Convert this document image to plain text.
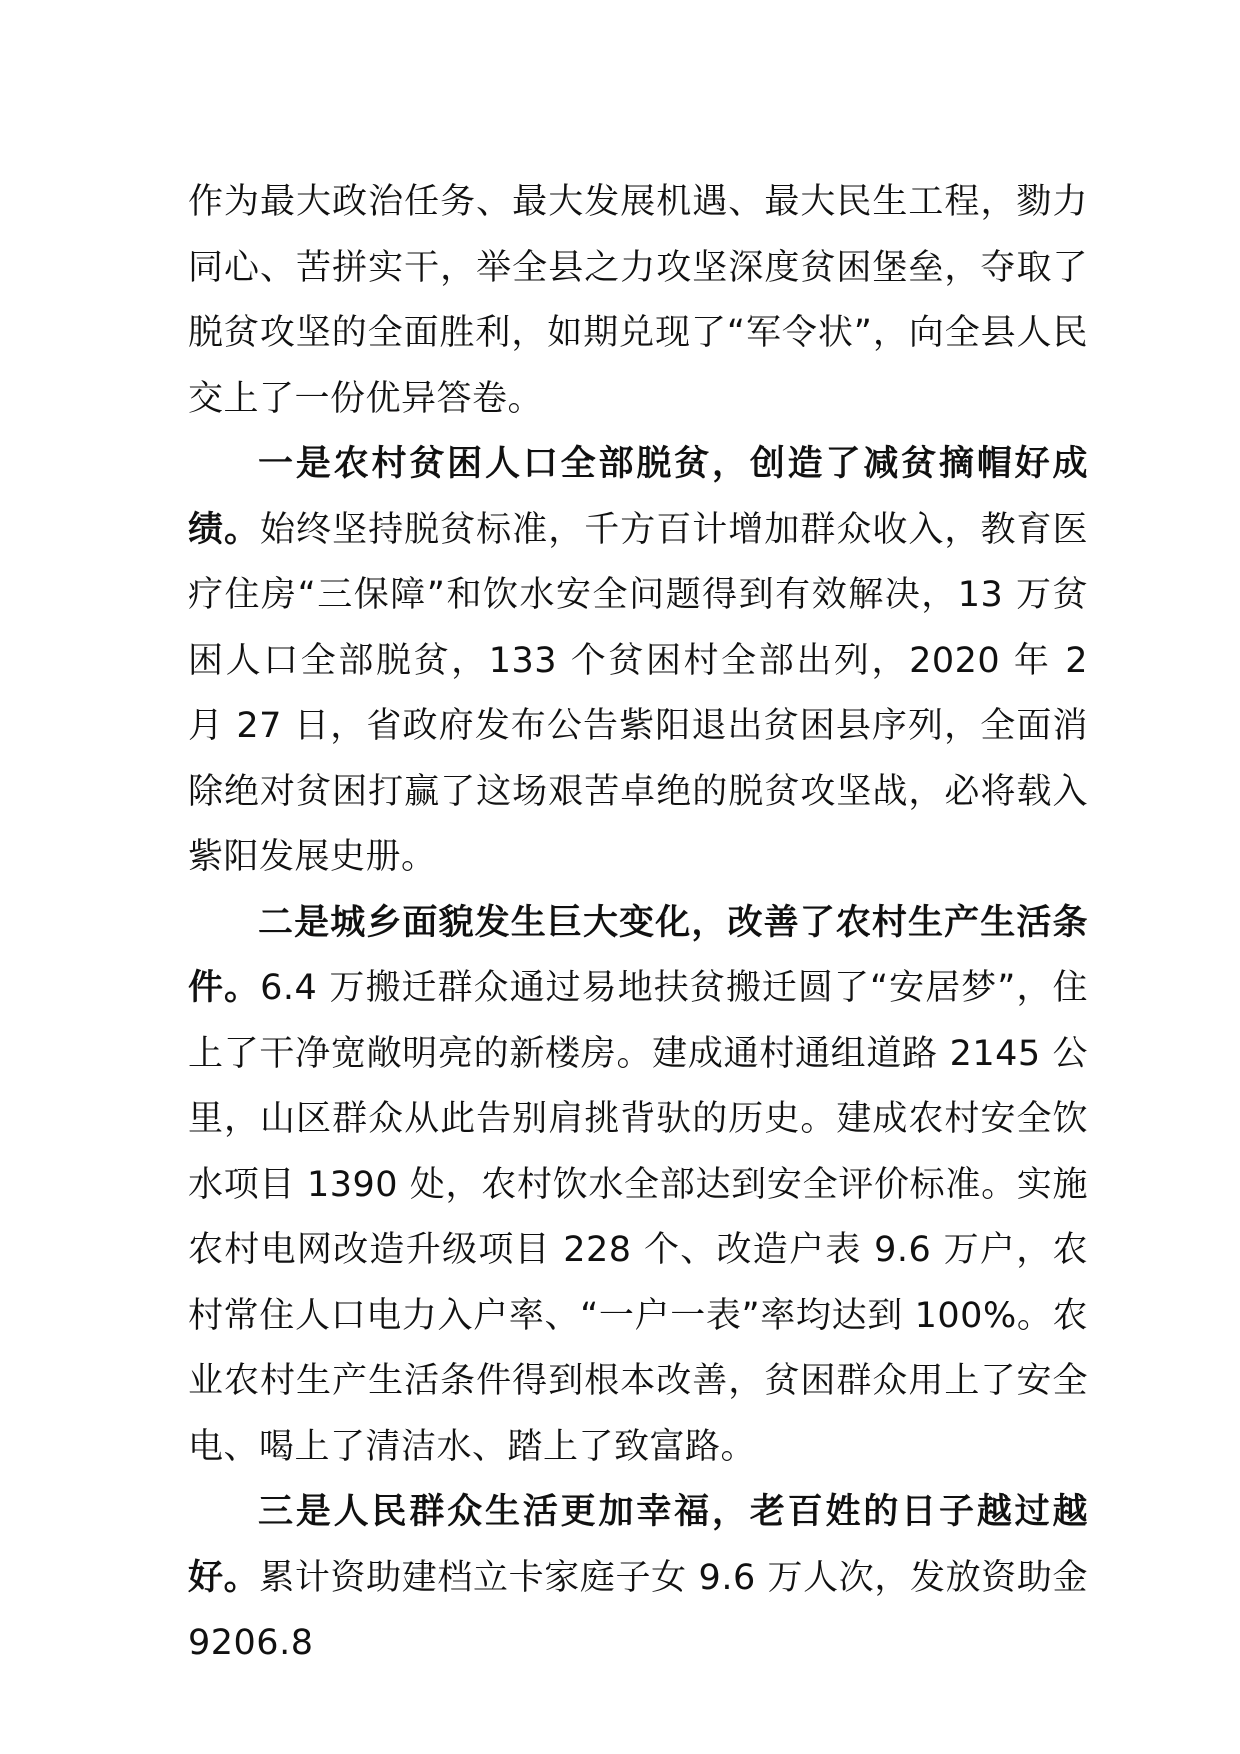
作为最大政治任务、最大发展机遇、最大民生工程，勠力同心、苦拼实干，举全县之力攻坚深度贫困堡垒，夺取了脱贫攻坚的全面胜利，如期兑现了“军令状”，向全县人民交上了一份优异答卷。

一是农村贫困人口全部脱贫，创造了减贫摘帽好成绩。始终坚持脱贫标准，千方百计增加群众收入，教育医疗住房“三保障”和饮水安全问题得到有效解决，13 万贫困人口全部脱贫，133 个贫困村全部出列，2020 年 2 月 27 日，省政府发布公告紫阳退出贫困县序列，全面消除绝对贫困打赢了这场艰苦卓绝的脱贫攻坚战，必将载入紫阳发展史册。

二是城乡面貌发生巨大变化，改善了农村生产生活条件。6.4 万搬迁群众通过易地扶贫搬迁圆了“安居梦”，住上了干净宽敞明亮的新楼房。建成通村通组道路 2145 公里，山区群众从此告别肩挑背驮的历史。建成农村安全饮水项目 1390 处，农村饮水全部达到安全评价标准。实施农村电网改造升级项目 228 个、改造户表 9.6 万户，农村常住人口电力入户率、“一户一表”率均达到 100%。农业农村生产生活条件得到根本改善，贫困群众用上了安全电、喝上了清洁水、踏上了致富路。

三是人民群众生活更加幸福，老百姓的日子越过越好。累计资助建档立卡家庭子女 9.6 万人次，发放资助金 9206.8
